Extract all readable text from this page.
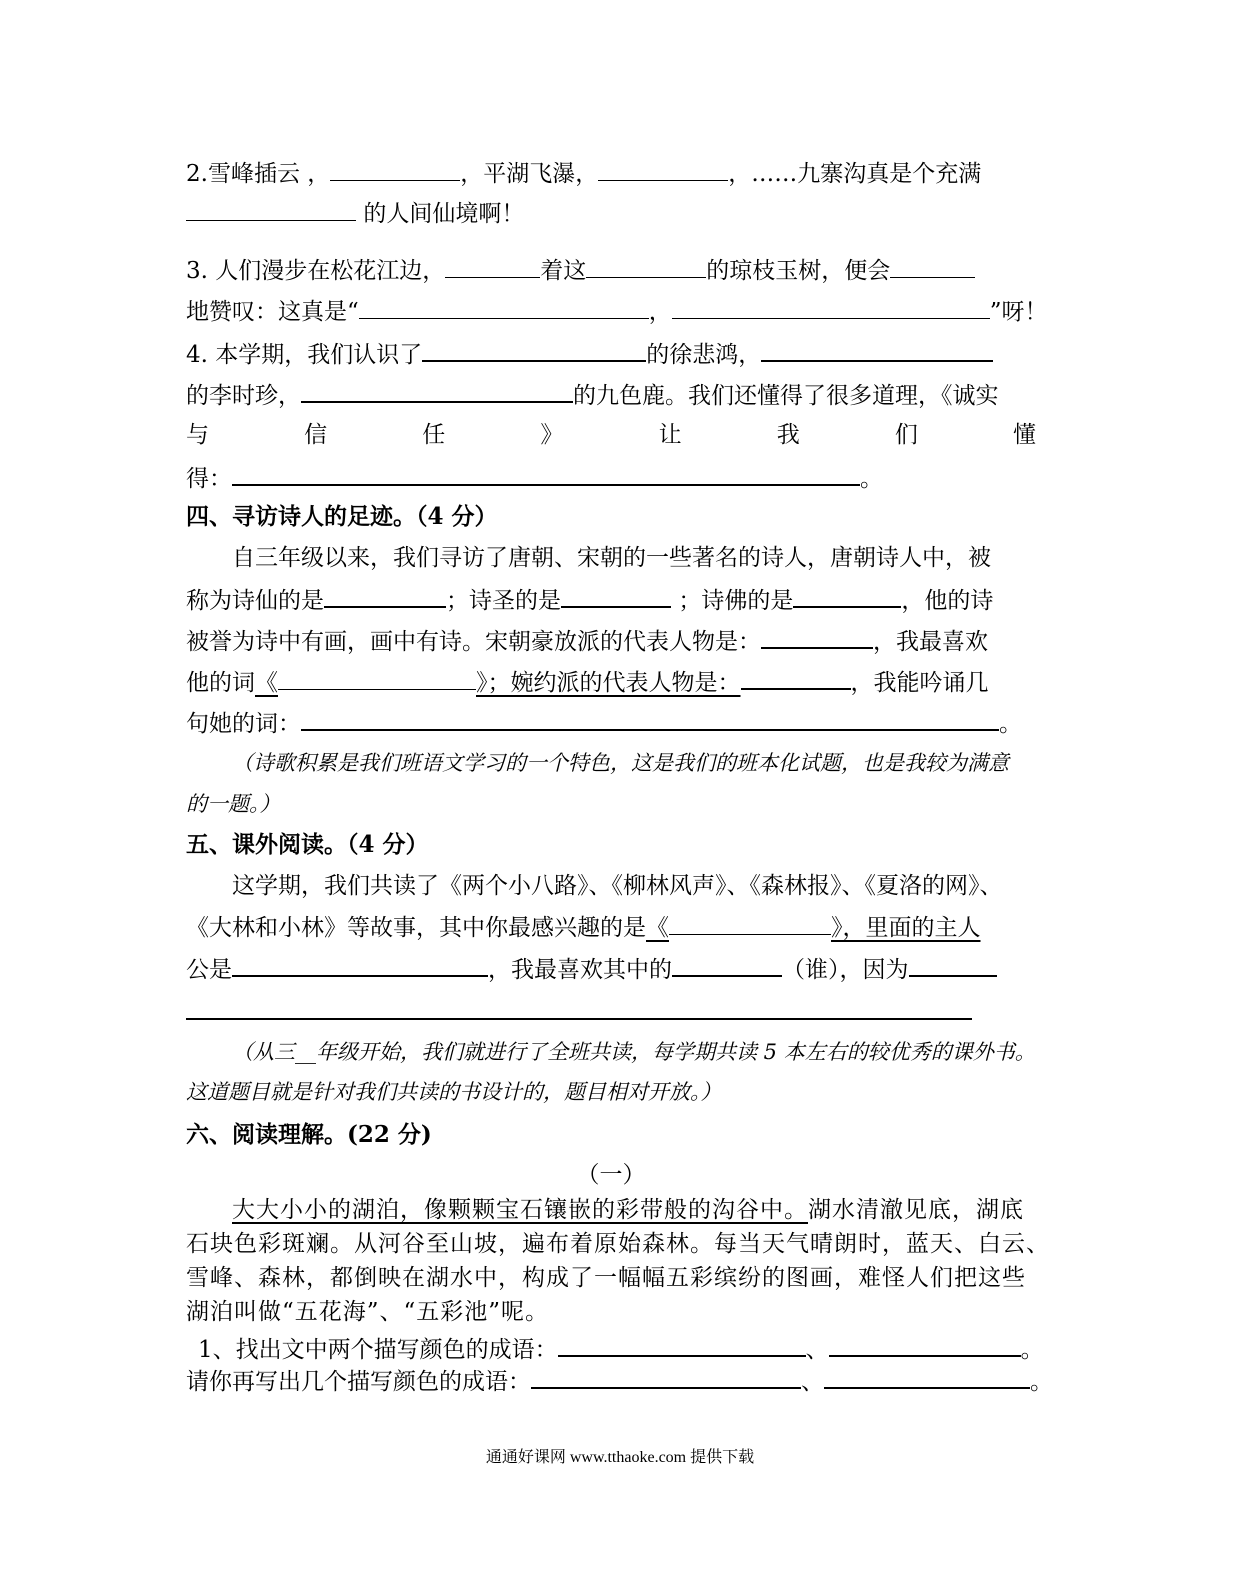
2.雪峰插云 ，	，平湖飞瀑，	，……九寨沟真是个充满
的人间仙境啊！
3. 人们漫步在松花江边，	着这	的琼枝玉树，便会
地赞叹：这真是“	，	”呀！
4. 本学期，我们认识了	的徐悲鸿，
的李时珍，	的九色鹿。我们还懂得了很多道理，《诚实
与	信	任	》	让	我	们	懂
得：	。
四、寻访诗人的足迹。（4 分）
自三年级以来，我们寻访了唐朝、宋朝的一些著名的诗人，唐朝诗人中，被
称为诗仙的是	；诗圣的是	；诗佛的是	，他的诗
被誉为诗中有画，画中有诗。宋朝豪放派的代表人物是：	，我最喜欢
他的词《	》；婉约派的代表人物是：	，我能吟诵几
句她的词：	。
（诗歌积累是我们班语文学习的一个特色，这是我们的班本化试题，也是我较为满意
的一题。）
五、课外阅读。（4 分）
这学期，我们共读了《两个小八路》、《柳林风声》、《森林报》、《夏洛的网》、
《大林和小林》等故事，其中你最感兴趣的是《	》，里面的主人
公是	，我最喜欢其中的	（谁），因为
（从三__年级开始，我们就进行了全班共读，每学期共读 5 本左右的较优秀的课外书。
这道题目就是针对我们共读的书设计的，题目相对开放。）
六、阅读理解。(22 分)
（一）
大大小小的湖泊，像颗颗宝石镶嵌的彩带般的沟谷中。湖水清澈见底，湖底
石块色彩斑斓。从河谷至山坡，遍布着原始森林。每当天气晴朗时，蓝天、白云、
雪峰、森林，都倒映在湖水中，构成了一幅幅五彩缤纷的图画，难怪人们把这些
湖泊叫做“五花海”、“五彩池”呢。
1、找出文中两个描写颜色的成语：	、	。
请你再写出几个描写颜色的成语：	、	。
通通好课网 www.tthaoke.com 提供下载
